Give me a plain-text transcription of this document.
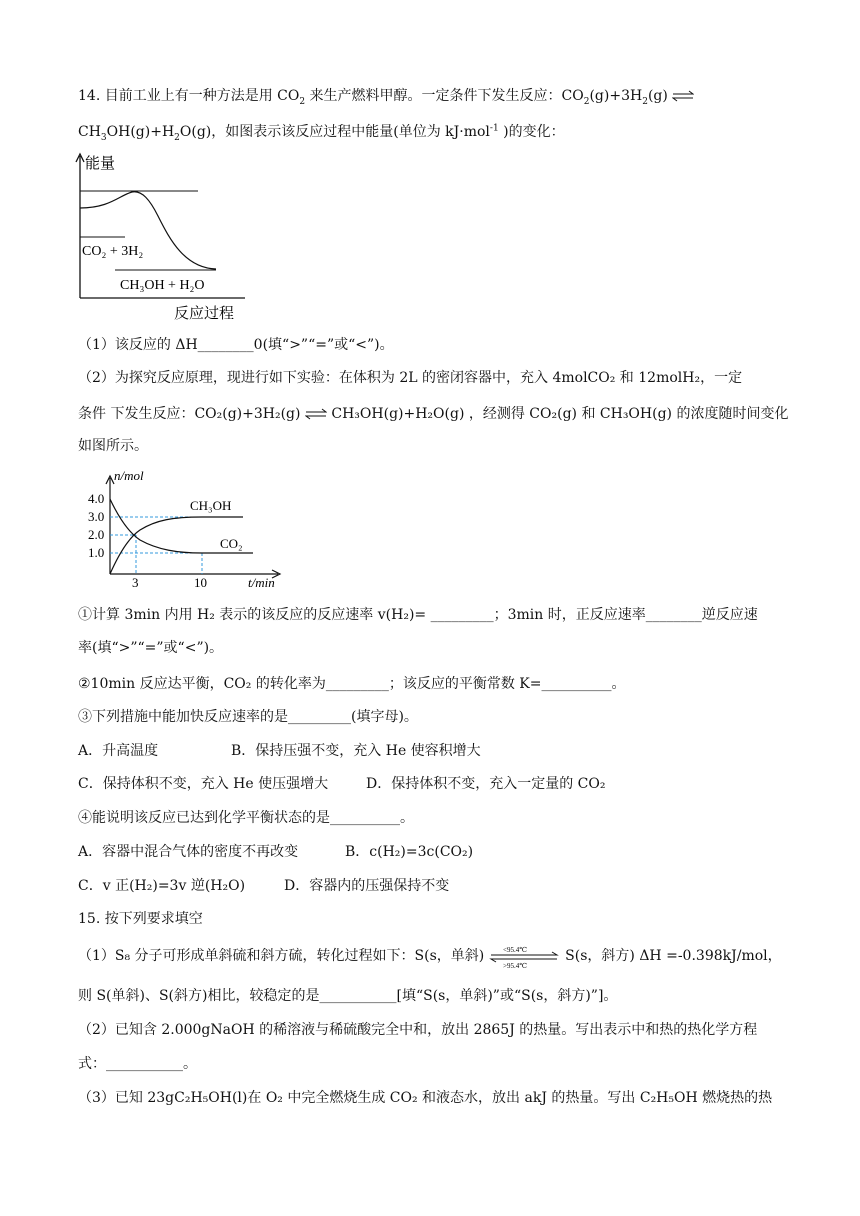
14. 目前工业上有一种方法是用 $CO_2$ 来生产燃料甲醇。一定条件下发生反应：$CO_2(g)+3H_2(g)$ ⇌
$CH_3OH(g)+H_2O(g)$，如图表示该反应过程中能量(单位为 kJ·mol$^{-1}$ )的变化：
能量
CO₂ + 3H₂
CH₃OH + H₂O
反应过程
（1）该反应的 ΔH________0(填“>”“=”或“<”)。
（2）为探究反应原理，现进行如下实验：在体积为 2L 的密闭容器中，充入 4molCO₂ 和 12molH₂，一定
条件 下发生反应：CO₂(g)+3H₂(g) ⇌ CH₃OH(g)+H₂O(g) ，经测得 CO₂(g) 和 CH₃OH(g) 的浓度随时间变化
如图所示。
4.0
3.0
2.0
1.0
3	10
n/mol
t/min
CH₃OH
CO₂
①计算 3min 内用 H₂ 表示的该反应的反应速率 v(H₂)= _________；3min 时，正反应速率________逆反应速
率(填“>”“=”或“<”)。
②10min 反应达平衡，CO₂ 的转化率为_________；该反应的平衡常数 K=__________。
③下列措施中能加快反应速率的是_________(填字母)。
A．升高温度	B．保持压强不变，充入 He 使容积增大
C．保持体积不变，充入 He 使压强增大	D．保持体积不变，充入一定量的 CO₂
④能说明该反应已达到化学平衡状态的是__________。
A．容器中混合气体的密度不再改变	B．c(H₂)=3c(CO₂)
C．v 正(H₂)=3v 逆(H₂O)	D．容器内的压强保持不变
15. 按下列要求填空
（1）S₈ 分子可形成单斜硫和斜方硫，转化过程如下：S(s，单斜)	<95.4℃
>95.4℃
S(s，斜方) ΔH =-0.398kJ/mol，
则 S(单斜)、S(斜方)相比，较稳定的是___________[填“S(s，单斜)”或“S(s，斜方)”]。
（2）已知含 2.000gNaOH 的稀溶液与稀硫酸完全中和，放出 2865J 的热量。写出表示中和热的热化学方程
式：___________。
（3）已知 23gC₂H₅OH(l)在 O₂ 中完全燃烧生成 CO₂ 和液态水，放出 akJ 的热量。写出 C₂H₅OH 燃烧热的热
